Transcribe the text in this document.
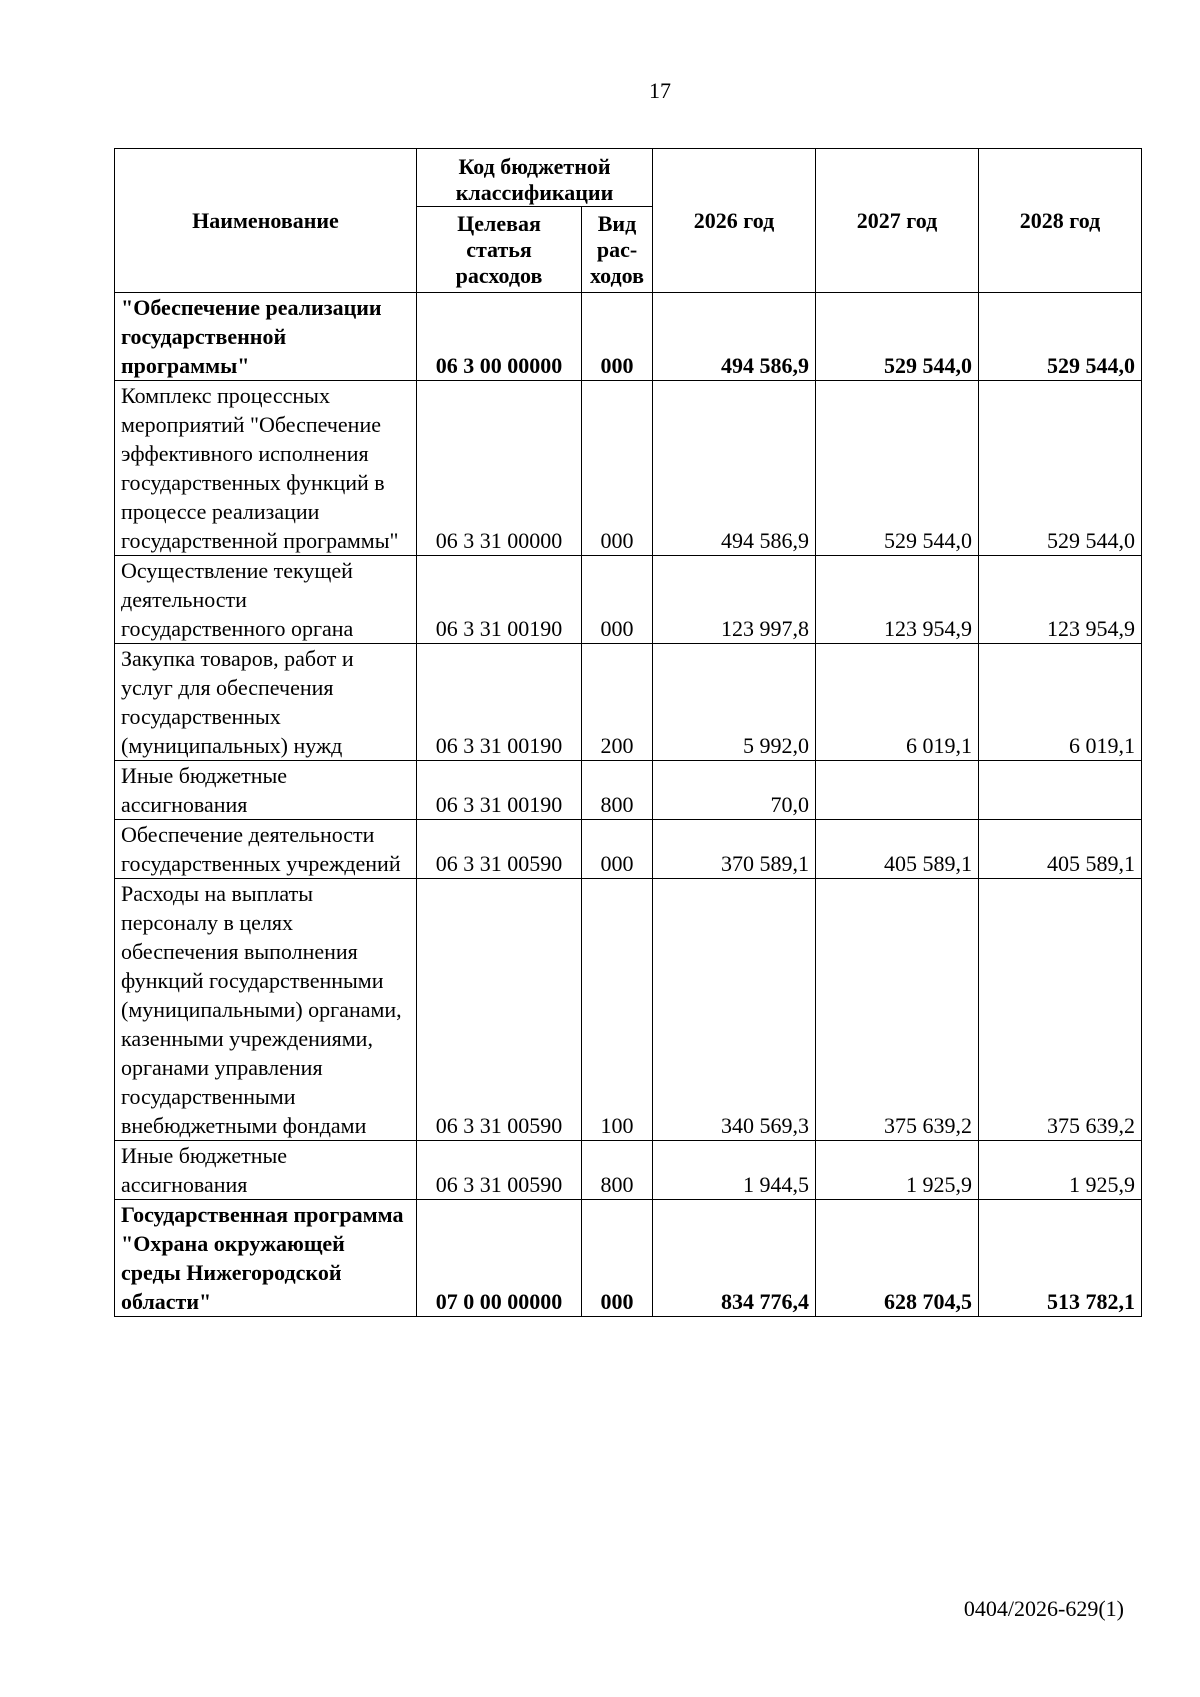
17
Наименование	Код бюджетной классификации		2026 год	2027 год	2028 год
	Целевая статья расходов	Вид рас- ходов			
"Обеспечение реализации государственной программы"	06 3 00 00000	000	494 586,9	529 544,0	529 544,0
Комплекс процессных мероприятий "Обеспечение эффективного исполнения государственных функций в процессе реализации государственной программы"	06 3 31 00000	000	494 586,9	529 544,0	529 544,0
Осуществление текущей деятельности государственного органа	06 3 31 00190	000	123 997,8	123 954,9	123 954,9
Закупка товаров, работ и услуг для обеспечения государственных (муниципальных) нужд	06 3 31 00190	200	5 992,0	6 019,1	6 019,1
Иные бюджетные ассигнования	06 3 31 00190	800	70,0		
Обеспечение деятельности государственных учреждений	06 3 31 00590	000	370 589,1	405 589,1	405 589,1
Расходы на выплаты персоналу в целях обеспечения выполнения функций государственными (муниципальными) органами, казенными учреждениями, органами управления государственными внебюджетными фондами	06 3 31 00590	100	340 569,3	375 639,2	375 639,2
Иные бюджетные ассигнования	06 3 31 00590	800	1 944,5	1 925,9	1 925,9
Государственная программа "Охрана окружающей среды Нижегородской области"	07 0 00 00000	000	834 776,4	628 704,5	513 782,1
0404/2026-629(1)
